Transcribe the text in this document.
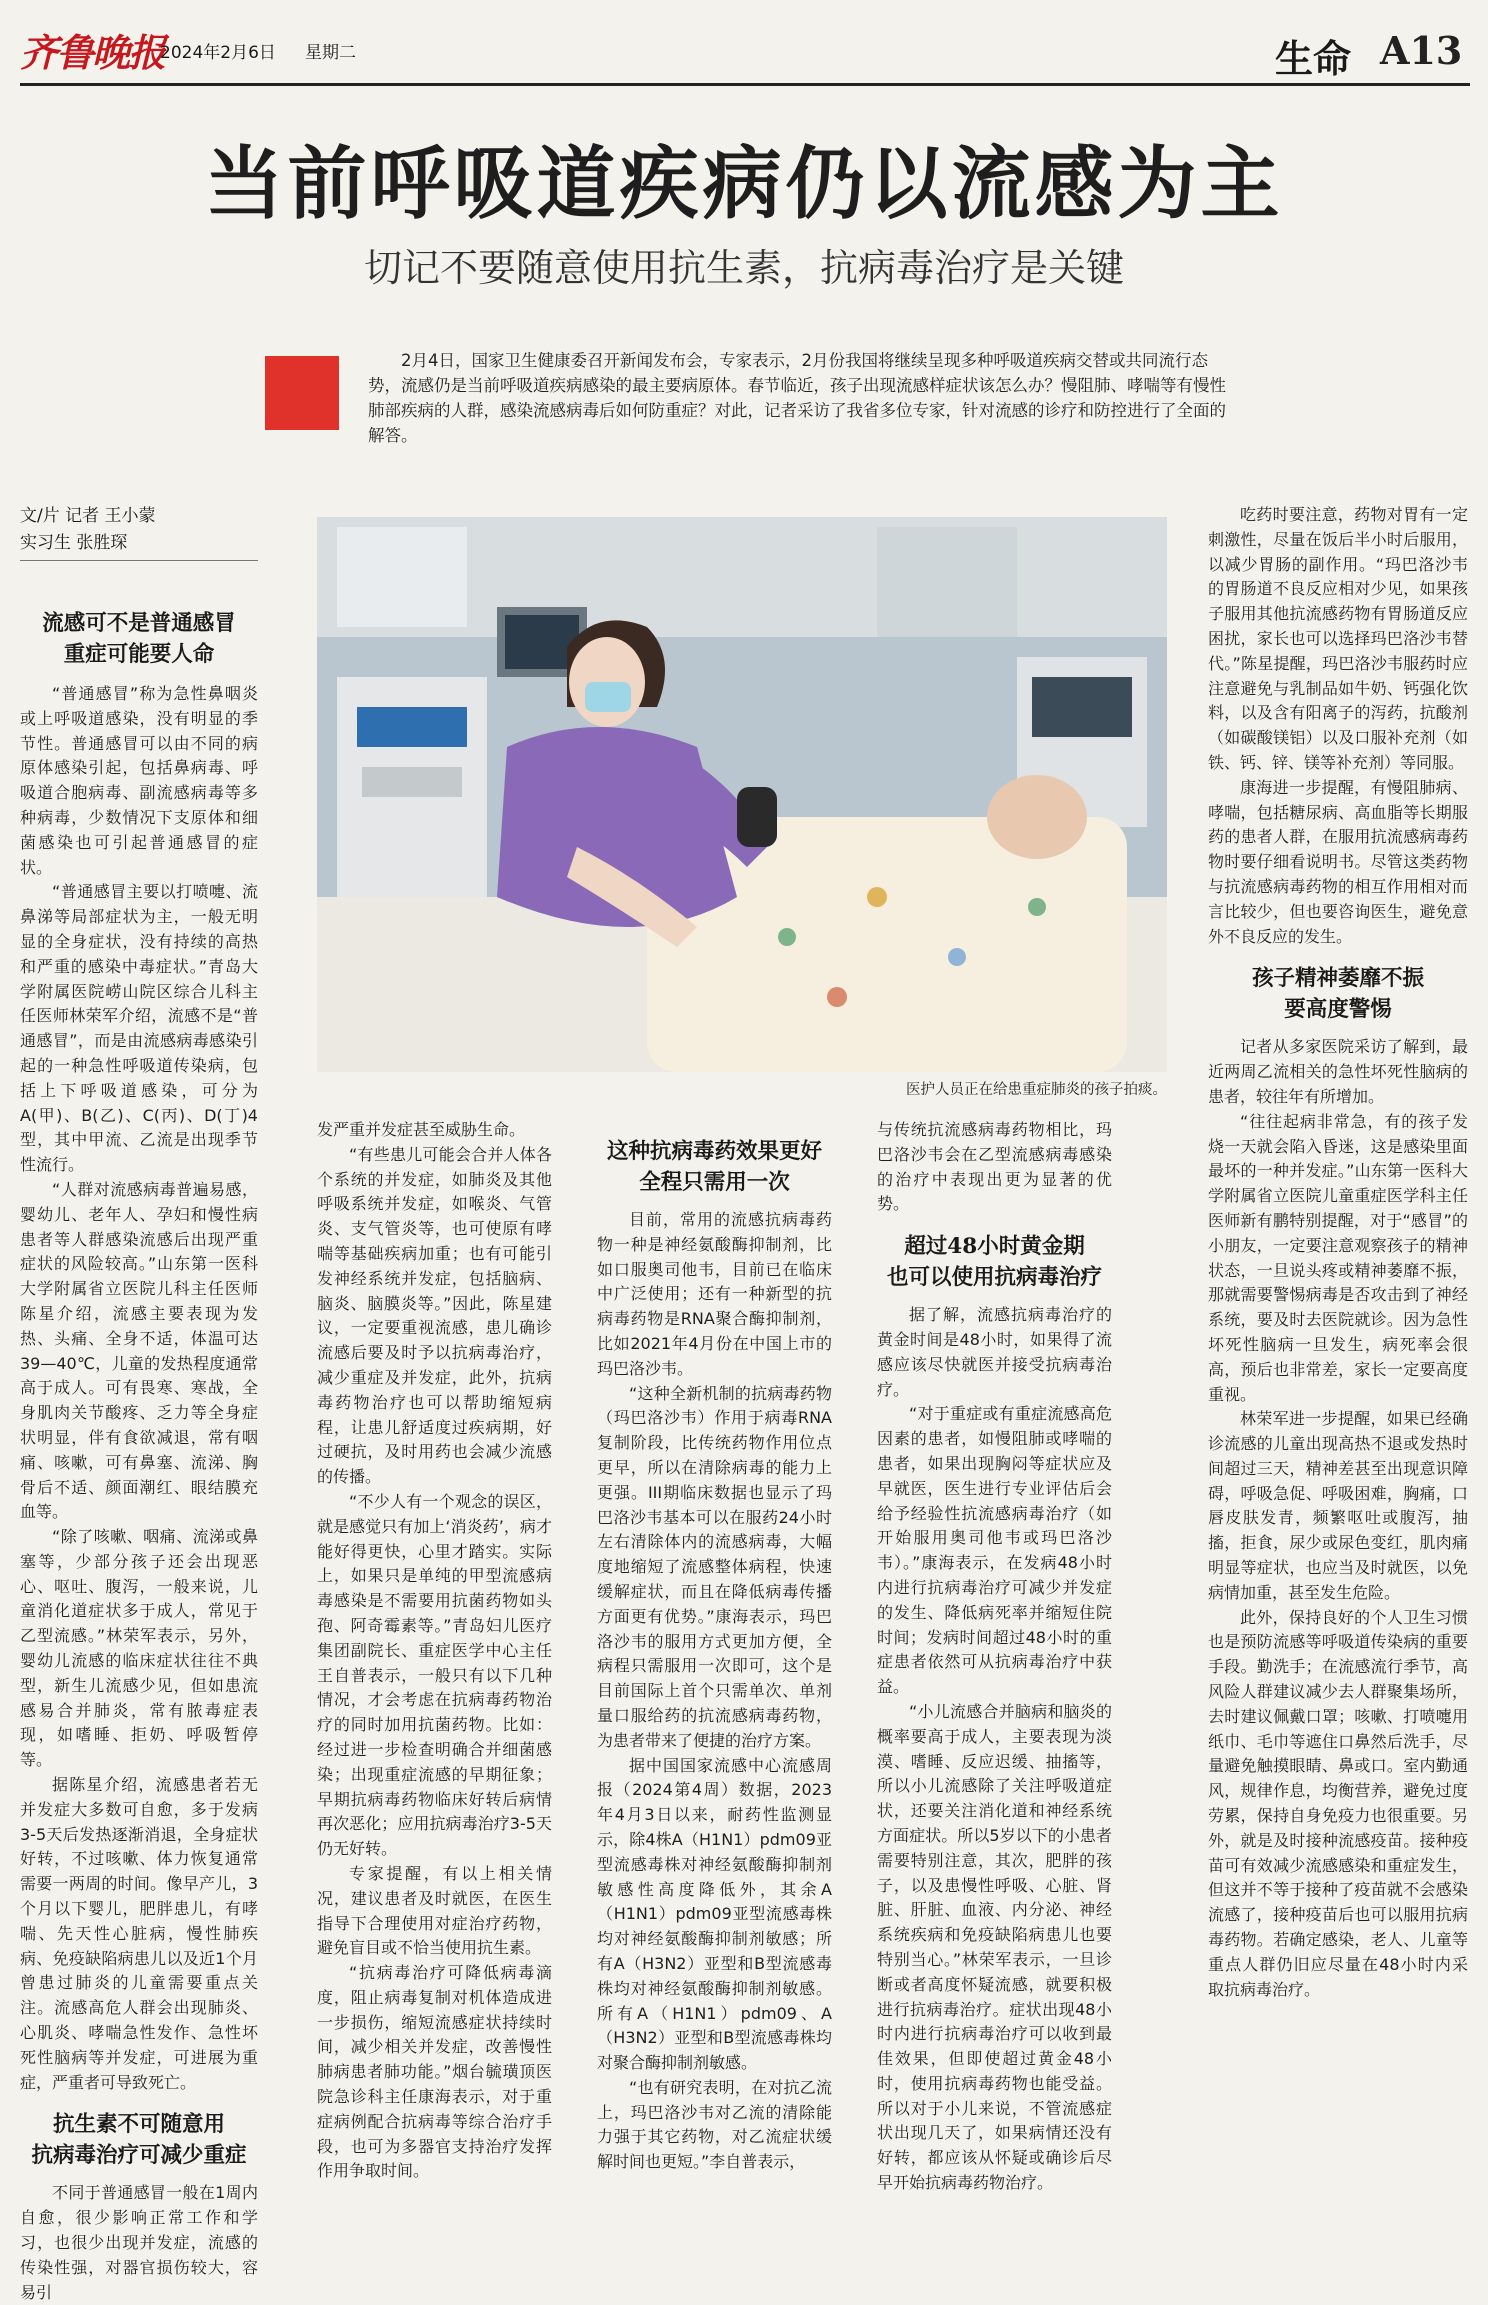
齐鲁晚报
2024年2月6日 星期二	生命 A13
当前呼吸道疾病仍以流感为主
切记不要随意使用抗生素，抗病毒治疗是关键
2月4日，国家卫生健康委召开新闻发布会，专家表示，2月份我国将继续呈现多种呼吸道疾病交替或共同流行态势，流感仍是当前呼吸道疾病感染的最主要病原体。春节临近，孩子出现流感样症状该怎么办？慢阻肺、哮喘等有慢性肺部疾病的人群，感染流感病毒后如何防重症？对此，记者采访了我省多位专家，针对流感的诊疗和防控进行了全面的解答。
文/片 记者 王小蒙
实习生 张胜琛
医护人员正在给患重症肺炎的孩子拍痰。
流感可不是普通感冒
重症可能要人命

“普通感冒”称为急性鼻咽炎或上呼吸道感染，没有明显的季节性。普通感冒可以由不同的病原体感染引起，包括鼻病毒、呼吸道合胞病毒、副流感病毒等多种病毒，少数情况下支原体和细菌感染也可引起普通感冒的症状。

“普通感冒主要以打喷嚏、流鼻涕等局部症状为主，一般无明显的全身症状，没有持续的高热和严重的感染中毒症状。”青岛大学附属医院崂山院区综合儿科主任医师林荣军介绍，流感不是“普通感冒”，而是由流感病毒感染引起的一种急性呼吸道传染病，包括上下呼吸道感染，可分为A(甲)、B(乙)、C(丙)、D(丁)4型，其中甲流、乙流是出现季节性流行。

“人群对流感病毒普遍易感，婴幼儿、老年人、孕妇和慢性病患者等人群感染流感后出现严重症状的风险较高。”山东第一医科大学附属省立医院儿科主任医师陈星介绍，流感主要表现为发热、头痛、全身不适，体温可达39—40℃，儿童的发热程度通常高于成人。可有畏寒、寒战，全身肌肉关节酸疼、乏力等全身症状明显，伴有食欲减退，常有咽痛、咳嗽，可有鼻塞、流涕、胸骨后不适、颜面潮红、眼结膜充血等。

“除了咳嗽、咽痛、流涕或鼻塞等，少部分孩子还会出现恶心、呕吐、腹泻，一般来说，儿童消化道症状多于成人，常见于乙型流感。”林荣军表示，另外，婴幼儿流感的临床症状往往不典型，新生儿流感少见，但如患流感易合并肺炎，常有脓毒症表现，如嗜睡、拒奶、呼吸暂停等。

据陈星介绍，流感患者若无并发症大多数可自愈，多于发病3-5天后发热逐渐消退，全身症状好转，不过咳嗽、体力恢复通常需要一两周的时间。像早产儿，3个月以下婴儿，肥胖患儿，有哮喘、先天性心脏病，慢性肺疾病、免疫缺陷病患儿以及近1个月曾患过肺炎的儿童需要重点关注。流感高危人群会出现肺炎、心肌炎、哮喘急性发作、急性坏死性脑病等并发症，可进展为重症，严重者可导致死亡。

抗生素不可随意用
抗病毒治疗可减少重症

不同于普通感冒一般在1周内自愈，很少影响正常工作和学习，也很少出现并发症，流感的传染性强，对器官损伤较大，容易引

发严重并发症甚至威胁生命。

“有些患儿可能会合并人体各个系统的并发症，如肺炎及其他呼吸系统并发症，如喉炎、气管炎、支气管炎等，也可使原有哮喘等基础疾病加重；也有可能引发神经系统并发症，包括脑病、脑炎、脑膜炎等。”因此，陈星建议，一定要重视流感，患儿确诊流感后要及时予以抗病毒治疗，减少重症及并发症，此外，抗病毒药物治疗也可以帮助缩短病程，让患儿舒适度过疾病期，好过硬抗，及时用药也会减少流感的传播。

“不少人有一个观念的误区，就是感觉只有加上‘消炎药’，病才能好得更快，心里才踏实。实际上，如果只是单纯的甲型流感病毒感染是不需要用抗菌药物如头孢、阿奇霉素等。”青岛妇儿医疗集团副院长、重症医学中心主任王自普表示，一般只有以下几种情况，才会考虑在抗病毒药物治疗的同时加用抗菌药物。比如：经过进一步检查明确合并细菌感染；出现重症流感的早期征象；早期抗病毒药物临床好转后病情再次恶化；应用抗病毒治疗3-5天仍无好转。

专家提醒，有以上相关情况，建议患者及时就医，在医生指导下合理使用对症治疗药物，避免盲目或不恰当使用抗生素。

“抗病毒治疗可降低病毒滴度，阻止病毒复制对机体造成进一步损伤，缩短流感症状持续时间，减少相关并发症，改善慢性肺病患者肺功能。”烟台毓璜顶医院急诊科主任康海表示，对于重症病例配合抗病毒等综合治疗手段，也可为多器官支持治疗发挥作用争取时间。

这种抗病毒药效果更好
全程只需用一次

目前，常用的流感抗病毒药物一种是神经氨酸酶抑制剂，比如口服奥司他韦，目前已在临床中广泛使用；还有一种新型的抗病毒药物是RNA聚合酶抑制剂，比如2021年4月份在中国上市的玛巴洛沙韦。

“这种全新机制的抗病毒药物（玛巴洛沙韦）作用于病毒RNA复制阶段，比传统药物作用位点更早，所以在清除病毒的能力上更强。III期临床数据也显示了玛巴洛沙韦基本可以在服药24小时左右清除体内的流感病毒，大幅度地缩短了流感整体病程，快速缓解症状，而且在降低病毒传播方面更有优势。”康海表示，玛巴洛沙韦的服用方式更加方便，全病程只需服用一次即可，这个是目前国际上首个只需单次、单剂量口服给药的抗流感病毒药物，为患者带来了便捷的治疗方案。

据中国国家流感中心流感周报（2024第4周）数据，2023年4月3日以来，耐药性监测显示，除4株A（H1N1）pdm09亚型流感毒株对神经氨酸酶抑制剂敏感性高度降低外，其余A（H1N1）pdm09亚型流感毒株均对神经氨酸酶抑制剂敏感；所有A（H3N2）亚型和B型流感毒株均对神经氨酸酶抑制剂敏感。所有A（H1N1）pdm09、A（H3N2）亚型和B型流感毒株均对聚合酶抑制剂敏感。

“也有研究表明，在对抗乙流上，玛巴洛沙韦对乙流的清除能力强于其它药物，对乙流症状缓解时间也更短。”李自普表示，

与传统抗流感病毒药物相比，玛巴洛沙韦会在乙型流感病毒感染的治疗中表现出更为显著的优势。

超过48小时黄金期
也可以使用抗病毒治疗

据了解，流感抗病毒治疗的黄金时间是48小时，如果得了流感应该尽快就医并接受抗病毒治疗。

“对于重症或有重症流感高危因素的患者，如慢阻肺或哮喘的患者，如果出现胸闷等症状应及早就医，医生进行专业评估后会给予经验性抗流感病毒治疗（如开始服用奥司他韦或玛巴洛沙韦）。”康海表示，在发病48小时内进行抗病毒治疗可减少并发症的发生、降低病死率并缩短住院时间；发病时间超过48小时的重症患者依然可从抗病毒治疗中获益。

“小儿流感合并脑病和脑炎的概率要高于成人，主要表现为淡漠、嗜睡、反应迟缓、抽搐等，所以小儿流感除了关注呼吸道症状，还要关注消化道和神经系统方面症状。所以5岁以下的小患者需要特别注意，其次，肥胖的孩子，以及患慢性呼吸、心脏、肾脏、肝脏、血液、内分泌、神经系统疾病和免疫缺陷病患儿也要特别当心。”林荣军表示，一旦诊断或者高度怀疑流感，就要积极进行抗病毒治疗。症状出现48小时内进行抗病毒治疗可以收到最佳效果，但即使超过黄金48小时，使用抗病毒药物也能受益。所以对于小儿来说，不管流感症状出现几天了，如果病情还没有好转，都应该从怀疑或确诊后尽早开始抗病毒药物治疗。

吃药时要注意，药物对胃有一定刺激性，尽量在饭后半小时后服用，以减少胃肠的副作用。“玛巴洛沙韦的胃肠道不良反应相对少见，如果孩子服用其他抗流感药物有胃肠道反应困扰，家长也可以选择玛巴洛沙韦替代。”陈星提醒，玛巴洛沙韦服药时应注意避免与乳制品如牛奶、钙强化饮料，以及含有阳离子的泻药，抗酸剂（如碳酸镁铝）以及口服补充剂（如铁、钙、锌、镁等补充剂）等同服。

康海进一步提醒，有慢阻肺病、哮喘，包括糖尿病、高血脂等长期服药的患者人群，在服用抗流感病毒药物时要仔细看说明书。尽管这类药物与抗流感病毒药物的相互作用相对而言比较少，但也要咨询医生，避免意外不良反应的发生。

孩子精神萎靡不振
要高度警惕

记者从多家医院采访了解到，最近两周乙流相关的急性坏死性脑病的患者，较往年有所增加。

“往往起病非常急，有的孩子发烧一天就会陷入昏迷，这是感染里面最坏的一种并发症。”山东第一医科大学附属省立医院儿童重症医学科主任医师新有鹏特别提醒，对于“感冒”的小朋友，一定要注意观察孩子的精神状态，一旦说头疼或精神萎靡不振，那就需要警惕病毒是否攻击到了神经系统，要及时去医院就诊。因为急性坏死性脑病一旦发生，病死率会很高，预后也非常差，家长一定要高度重视。

林荣军进一步提醒，如果已经确诊流感的儿童出现高热不退或发热时间超过三天，精神差甚至出现意识障碍，呼吸急促、呼吸困难，胸痛，口唇皮肤发青，频繁呕吐或腹泻，抽搐，拒食，尿少或尿色变红，肌肉痛明显等症状，也应当及时就医，以免病情加重，甚至发生危险。

此外，保持良好的个人卫生习惯也是预防流感等呼吸道传染病的重要手段。勤洗手；在流感流行季节，高风险人群建议减少去人群聚集场所，去时建议佩戴口罩；咳嗽、打喷嚏用纸巾、毛巾等遮住口鼻然后洗手，尽量避免触摸眼睛、鼻或口。室内勤通风，规律作息，均衡营养，避免过度劳累，保持自身免疫力也很重要。另外，就是及时接种流感疫苗。接种疫苗可有效减少流感感染和重症发生，但这并不等于接种了疫苗就不会感染流感了，接种疫苗后也可以服用抗病毒药物。若确定感染，老人、儿童等重点人群仍旧应尽量在48小时内采取抗病毒治疗。
